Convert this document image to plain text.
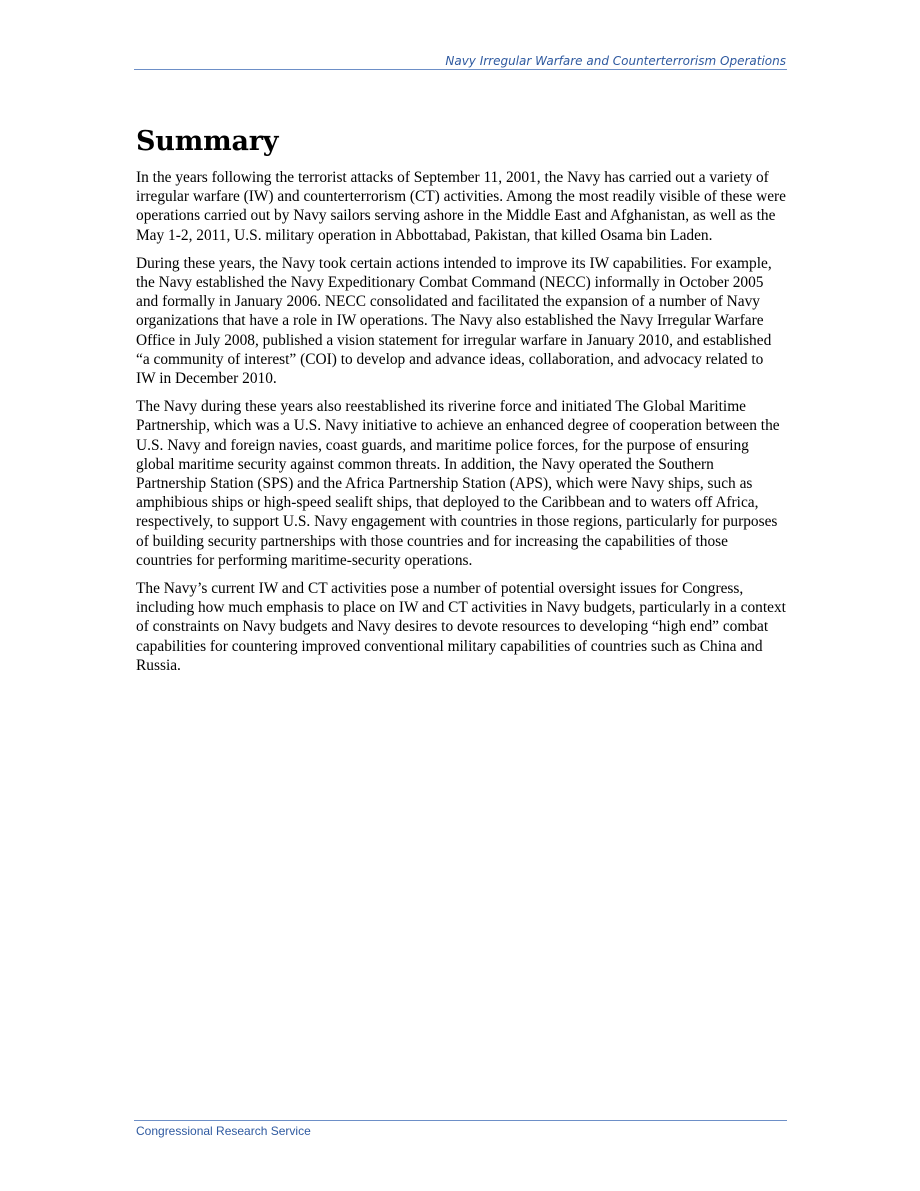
Navy Irregular Warfare and Counterterrorism Operations
Summary

In the years following the terrorist attacks of September 11, 2001, the Navy has carried out a variety of irregular warfare (IW) and counterterrorism (CT) activities. Among the most readily visible of these were operations carried out by Navy sailors serving ashore in the Middle East and Afghanistan, as well as the May 1-2, 2011, U.S. military operation in Abbottabad, Pakistan, that killed Osama bin Laden.

During these years, the Navy took certain actions intended to improve its IW capabilities. For example, the Navy established the Navy Expeditionary Combat Command (NECC) informally in October 2005 and formally in January 2006. NECC consolidated and facilitated the expansion of a number of Navy organizations that have a role in IW operations. The Navy also established the Navy Irregular Warfare Office in July 2008, published a vision statement for irregular warfare in January 2010, and established “a community of interest” (COI) to develop and advance ideas, collaboration, and advocacy related to IW in December 2010.

The Navy during these years also reestablished its riverine force and initiated The Global Maritime Partnership, which was a U.S. Navy initiative to achieve an enhanced degree of cooperation between the U.S. Navy and foreign navies, coast guards, and maritime police forces, for the purpose of ensuring global maritime security against common threats. In addition, the Navy operated the Southern Partnership Station (SPS) and the Africa Partnership Station (APS), which were Navy ships, such as amphibious ships or high-speed sealift ships, that deployed to the Caribbean and to waters off Africa, respectively, to support U.S. Navy engagement with countries in those regions, particularly for purposes of building security partnerships with those countries and for increasing the capabilities of those countries for performing maritime-security operations.

The Navy’s current IW and CT activities pose a number of potential oversight issues for Congress, including how much emphasis to place on IW and CT activities in Navy budgets, particularly in a context of constraints on Navy budgets and Navy desires to devote resources to developing “high end” combat capabilities for countering improved conventional military capabilities of countries such as China and Russia.

Congressional Research Service
